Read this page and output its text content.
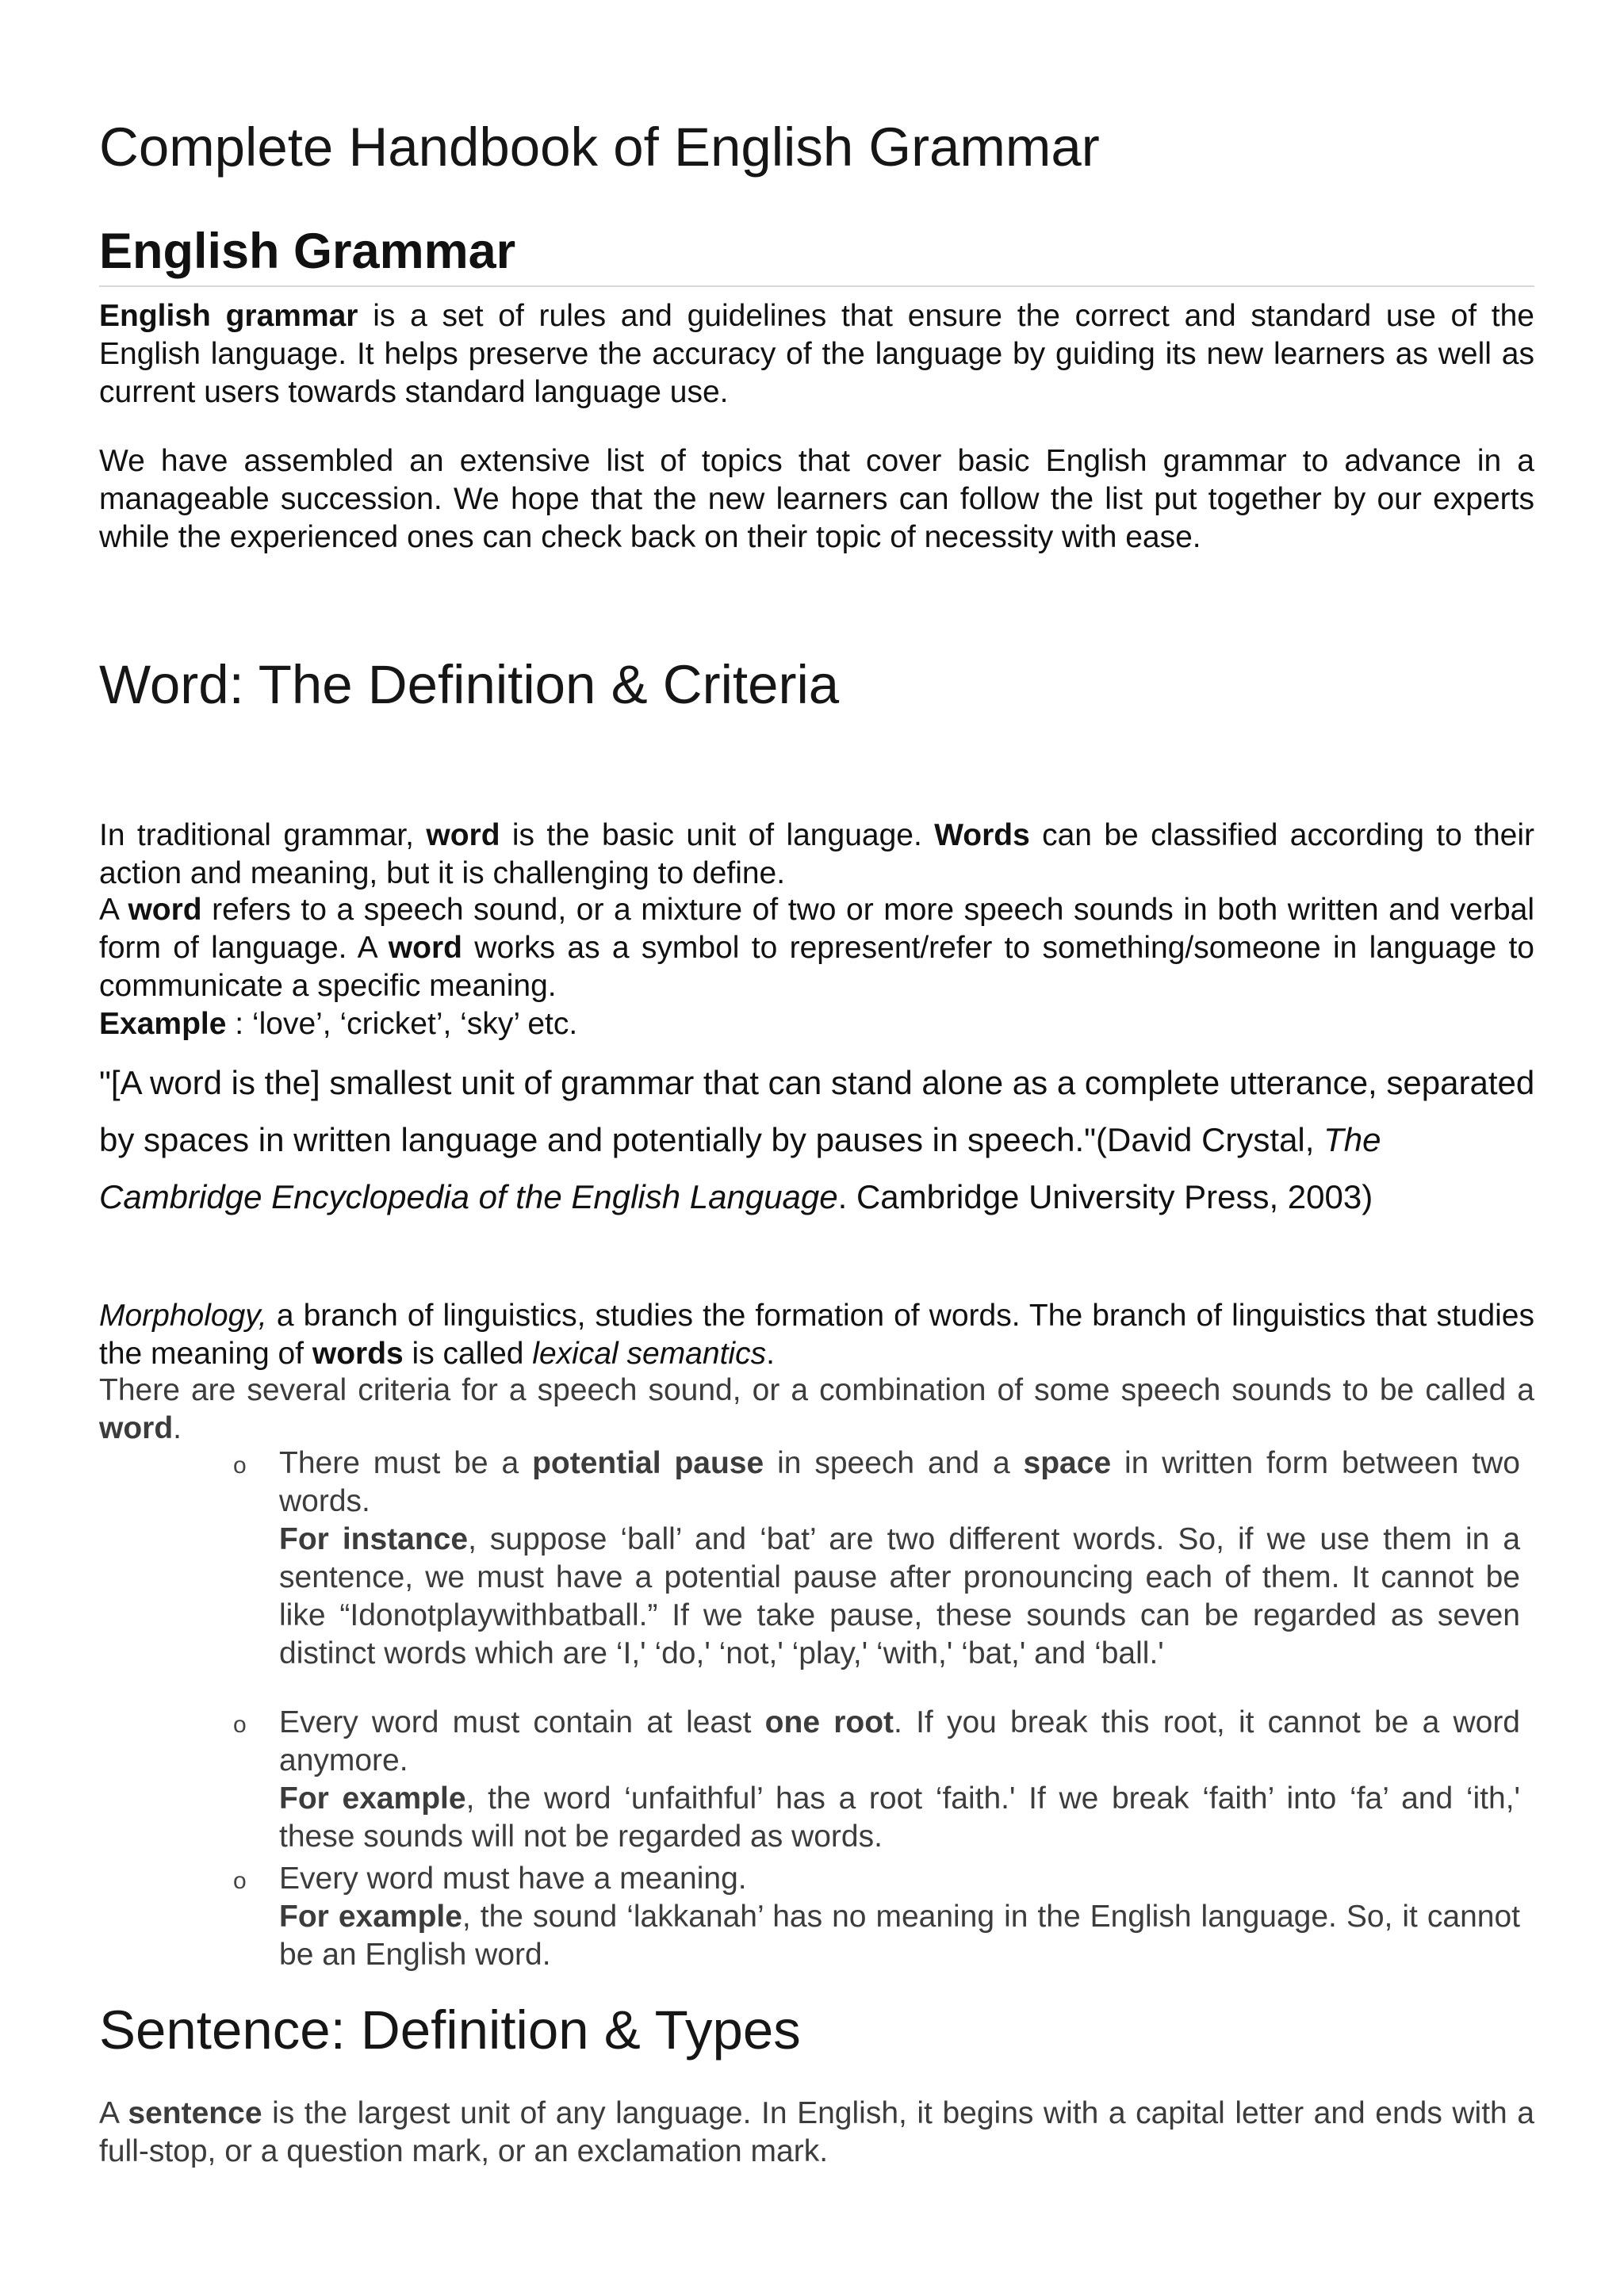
Complete Handbook of English Grammar
English Grammar

English grammar is a set of rules and guidelines that ensure the correct and standard use of the English language. It helps preserve the accuracy of the language by guiding its new learners as well as current users towards standard language use.

We have assembled an extensive list of topics that cover basic English grammar to advance in a manageable succession. We hope that the new learners can follow the list put together by our experts while the experienced ones can check back on their topic of necessity with ease.

Word: The Definition & Criteria

In traditional grammar, word is the basic unit of language. Words can be classified according to their action and meaning, but it is challenging to define.

A word refers to a speech sound, or a mixture of two or more speech sounds in both written and verbal form of language. A word works as a symbol to represent/refer to something/someone in language to communicate a specific meaning.

Example : ‘love’, ‘cricket’, ‘sky’ etc.

"[A word is the] smallest unit of grammar that can stand alone as a complete utterance, separated by spaces in written language and potentially by pauses in speech."(David Crystal, The Cambridge Encyclopedia of the English Language. Cambridge University Press, 2003)

Morphology, a branch of linguistics, studies the formation of words. The branch of linguistics that studies the meaning of words is called lexical semantics.

There are several criteria for a speech sound, or a combination of some speech sounds to be called a word.

o There must be a potential pause in speech and a space in written form between two words.

For instance, suppose ‘ball’ and ‘bat’ are two different words. So, if we use them in a sentence, we must have a potential pause after pronouncing each of them. It cannot be like “Idonotplaywithbatball.” If we take pause, these sounds can be regarded as seven distinct words which are ‘I,' ‘do,' ‘not,' ‘play,' ‘with,' ‘bat,' and ‘ball.'

o Every word must contain at least one root. If you break this root, it cannot be a word anymore.

For example, the word ‘unfaithful’ has a root ‘faith.' If we break ‘faith’ into ‘fa’ and ‘ith,' these sounds will not be regarded as words.

o Every word must have a meaning.

For example, the sound ‘lakkanah’ has no meaning in the English language. So, it cannot be an English word.

Sentence: Definition & Types

A sentence is the largest unit of any language. In English, it begins with a capital letter and ends with a full-stop, or a question mark, or an exclamation mark.
